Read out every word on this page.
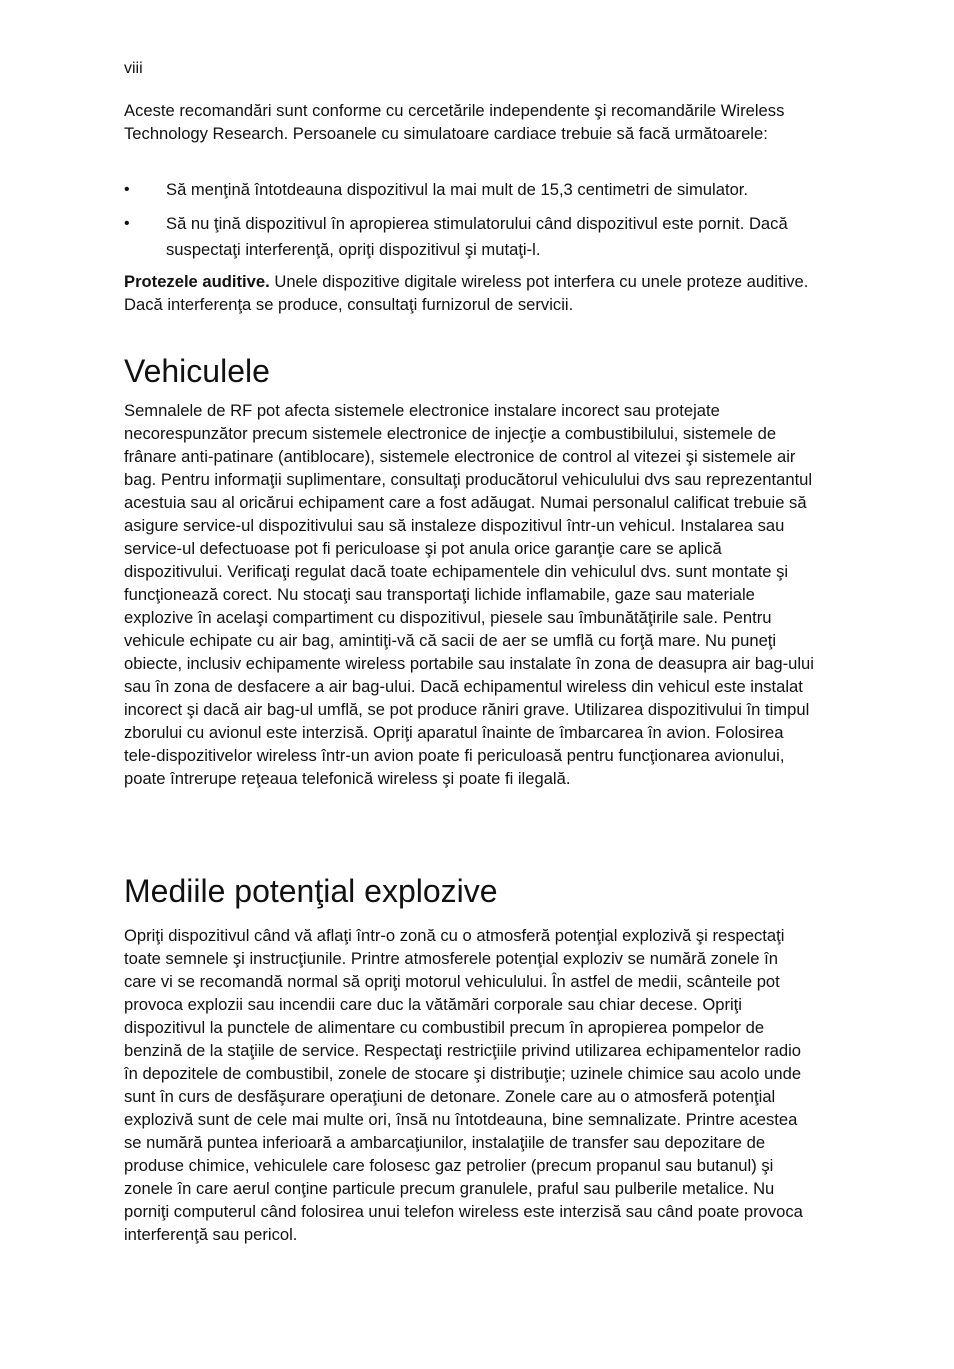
viii

Aceste recomandări sunt conforme cu cercetările independente şi recomandările Wireless Technology Research. Persoanele cu simulatoare cardiace trebuie să facă următoarele:

• Să menţină întotdeauna dispozitivul la mai mult de 15,3 centimetri de simulator.
• Să nu ţină dispozitivul în apropierea stimulatorului când dispozitivul este pornit. Dacă suspectaţi interferenţă, opriţi dispozitivul şi mutaţi-l.

Protezele auditive. Unele dispozitive digitale wireless pot interfera cu unele proteze auditive. Dacă interferenţa se produce, consultaţi furnizorul de servicii.

Vehiculele

Semnalele de RF pot afecta sistemele electronice instalare incorect sau protejate necorespunzător precum sistemele electronice de injecţie a combustibilului, sistemele de frânare anti-patinare (antiblocare), sistemele electronice de control al vitezei şi sistemele air bag. Pentru informaţii suplimentare, consultaţi producătorul vehiculului dvs sau reprezentantul acestuia sau al oricărui echipament care a fost adăugat. Numai personalul calificat trebuie să asigure service-ul dispozitivului sau să instaleze dispozitivul într-un vehicul. Instalarea sau service-ul defectuoase pot fi periculoase şi pot anula orice garanţie care se aplică dispozitivului. Verificaţi regulat dacă toate echipamentele din vehiculul dvs. sunt montate şi funcţionează corect. Nu stocaţi sau transportaţi lichide inflamabile, gaze sau materiale explozive în acelaşi compartiment cu dispozitivul, piesele sau îmbunătăţirile sale. Pentru vehicule echipate cu air bag, amintiţi-vă că sacii de aer se umflă cu forţă mare. Nu puneţi obiecte, inclusiv echipamente wireless portabile sau instalate în zona de deasupra air bag-ului sau în zona de desfacere a air bag-ului. Dacă echipamentul wireless din vehicul este instalat incorect şi dacă air bag-ul umflă, se pot produce răniri grave. Utilizarea dispozitivului în timpul zborului cu avionul este interzisă. Opriţi aparatul înainte de îmbarcarea în avion. Folosirea tele-dispozitivelor wireless într-un avion poate fi periculoasă pentru funcţionarea avionului, poate întrerupe reţeaua telefonică wireless şi poate fi ilegală.

Mediile potenţial explozive

Opriţi dispozitivul când vă aflaţi într-o zonă cu o atmosferă potenţial explozivă şi respectaţi toate semnele şi instrucţiunile. Printre atmosferele potenţial exploziv se numără zonele în care vi se recomandă normal să opriţi motorul vehiculului. În astfel de medii, scânteile pot provoca explozii sau incendii care duc la vătămări corporale sau chiar decese. Opriţi dispozitivul la punctele de alimentare cu combustibil precum în apropierea pompelor de benzină de la staţiile de service. Respectaţi restricţiile privind utilizarea echipamentelor radio în depozitele de combustibil, zonele de stocare şi distribuţie; uzinele chimice sau acolo unde sunt în curs de desfăşurare operaţiuni de detonare. Zonele care au o atmosferă potenţial explozivă sunt de cele mai multe ori, însă nu întotdeauna, bine semnalizate. Printre acestea se numără puntea inferioară a ambarcaţiunilor, instalaţiile de transfer sau depozitare de produse chimice, vehiculele care folosesc gaz petrolier (precum propanul sau butanul) şi zonele în care aerul conţine particule precum granulele, praful sau pulberile metalice. Nu porniţi computerul când folosirea unui telefon wireless este interzisă sau când poate provoca interferenţă sau pericol.
